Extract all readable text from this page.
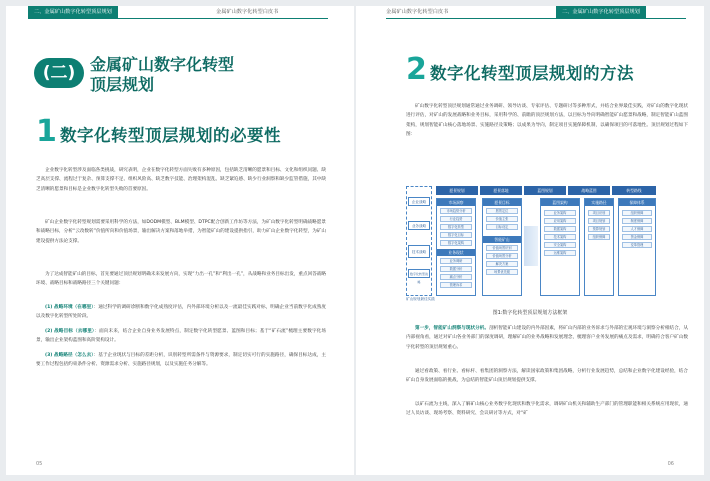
二、金属矿山数字化转型顶层规划	金属矿山数字化转型白皮书
(二) 金属矿山数字化转型
顶层规划
1 数字化转型顶层规划的必要性
企业数字化转型涉及面临各类挑战，研究表明，企业在数字化转型方面失败有多种原因，包括缺乏清晰的愿景和目标、文化和组织问题、缺乏高层支撑、流程过于复杂、预算支撑不足、组织风险高、缺乏数字技能、治理架构混乱、缺乏紧迫感、缺少行业洞察和缺少监管措施，其中缺乏清晰的愿景和目标是企业数字化转型失败的首要原因。
矿山企业数字化转型规划需要采用科学的方法，如DODM模型、BLM模型、DTPC配合创新工作坊等方法，为矿山数字化转型明确战略愿景和战略目标，分析“云改数转”价值所向和价值场景，输出解决方案和落地举措，为智能矿山的建设提供指引，助力矿山企业数字化转型，为矿山建设提供方法论支撑。
为了达成智能矿山的目标，首先要通过顶层规划明确未来发展方向，实现“力出一孔”和“利出一孔”，从战略和业务目标出发，重点回答战略环境、战略目标和战略路径三个关键问题：
(1) 战略环境（在哪里）：通过科学的调研诊断和数字化成熟度评估，内外部环境分析以及一流最佳实践对标，明确企业当前数字化成熟度以及数字化转型所处阶段。
(2) 战略目标（去哪里）：面向未来，结合企业自身业务发展特点，制定数字化转型愿景、蓝图和目标；基于“矿石流”梳理主要数字化场景，输出企业架构蓝图和高阶架构设计。
(3) 战略路径（怎么去）：基于企业现状与目标的差距分析，识别转型所需条件与资源要求，制定切实可行的实施路径，确保目标达成，主要工作过程包括约束条件分析、资源需求分析、实施路径规划，以及实施任务分解等。
05
金属矿山数字化转型白皮书	二、金属矿山数字化转型顶层规划
2 数字化转型顶层规划的方法
矿山数字化转型顶层规划通常通过业务调研、领导访谈、专家评估、专题研讨等多种形式，并结合业界最佳实践，对矿山的数字化现状进行评估，对矿山的发展战略和业务目标，采用科学的、前瞻的顶层规划方法，以目标为导向明确智能矿山愿景和战略，制定智能矿山蓝图架构，规划智能矿山核心落地场景、实施路径及策略；以成果为导向，制定项目实施保障机制，以确保项目的可落地性。顶层规划过程如下图：
企业战略
业务战略
技术战略
数字化转型战略
矿山规划最佳实践
愿景规划	愿景落地	蓝图规划	战略蓝图	转型路线
市场洞察
市场趋势分析
行业趋势
数字化转型
数字化目标
数字化架构
业务现状
业务调研
数据分析
痛点分析
管理诉求
愿景目标
愿景定位
价值主张
目标设定
智能矿山
价值场景识别
价值场景分析
解决方案
场景优先级
蓝图架构
业务架构
应用架构
数据架构
技术架构
安全架构
运维架构
实施路径
项目识别
项目规划
预算规划
组织保障
保障体系
组织保障
制度保障
人才保障
资金保障
变革管理
图1:数字化转型顶层规划方法框架
第一步，智能矿山洞察与现状分析。剖析智能矿山建设的内外部因素，将矿山内部的业务诉求与外部的宏观环境与洞察分析相结合，从内部视角看，通过对矿山各业务部门的深度调研，理解矿山的业务战略和发展理念，梳理客户业务发展的痛点及需求，明确符合客户矿山数字化转型的顶层规划重心。
通过看政策、看行业、看标杆、看集团的洞察方法，解读国家政策和集团战略，分析行业发展趋势，总结和企业数字化建设经验，结合矿山自身发展面临的挑战，为总结的智能矿山顶层规划提供支撑。
以矿石流为主线，深入了解矿山核心业务数字化现状和数字化需求，调研矿山机关和辅助生产部门的管理职能和相关系统应用现状，通过人员访谈、现场考察、资料研究、会议研讨等方式，对“矿
06
